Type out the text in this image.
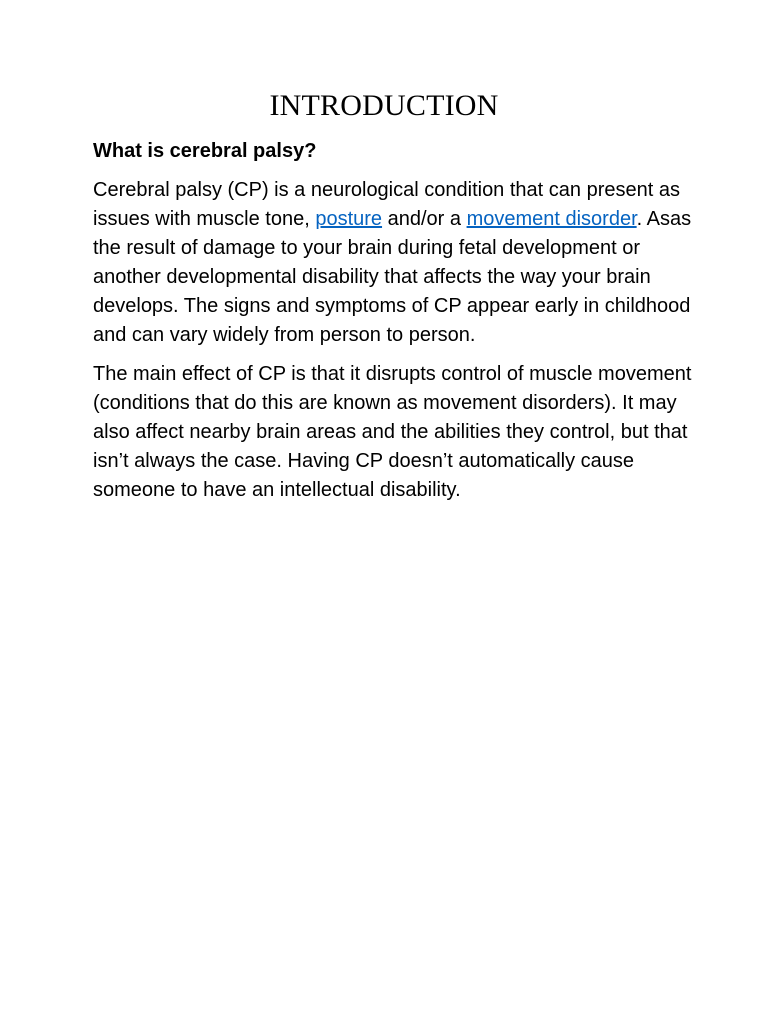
INTRODUCTION

What is cerebral palsy?

Cerebral palsy (CP) is a neurological condition that can present as issues with muscle tone, posture and/or a movement disorder. Asas the result of damage to your brain during fetal development or another developmental disability that affects the way your brain develops. The signs and symptoms of CP appear early in childhood and can vary widely from person to person.

The main effect of CP is that it disrupts control of muscle movement (conditions that do this are known as movement disorders). It may also affect nearby brain areas and the abilities they control, but that isn’t always the case. Having CP doesn’t automatically cause someone to have an intellectual disability.
